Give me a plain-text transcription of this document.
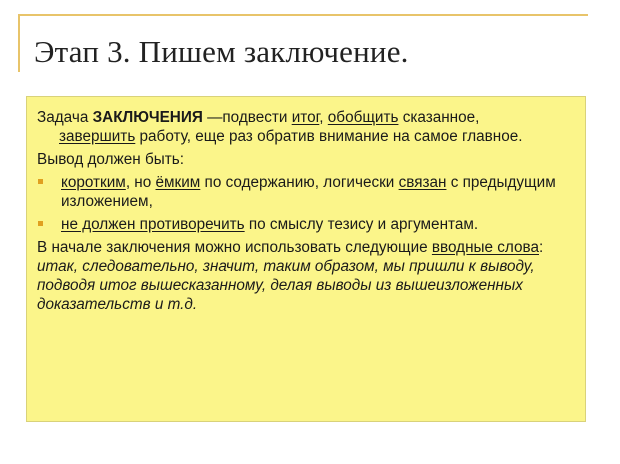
Этап 3. Пишем заключение.

Задача ЗАКЛЮЧЕНИЯ —подвести итог, обобщить сказанное,
завершить работу, еще раз обратив внимание на самое главное.

Вывод должен быть:

коротким, но ёмким по содержанию, логически связан с предыдущим изложением,
не должен противоречить по смыслу тезису и аргументам.

В начале заключения можно использовать следующие вводные слова: итак, следовательно, значит, таким образом, мы пришли к выводу, подводя итог вышесказанному, делая выводы из вышеизложенных доказательств и т.д.
